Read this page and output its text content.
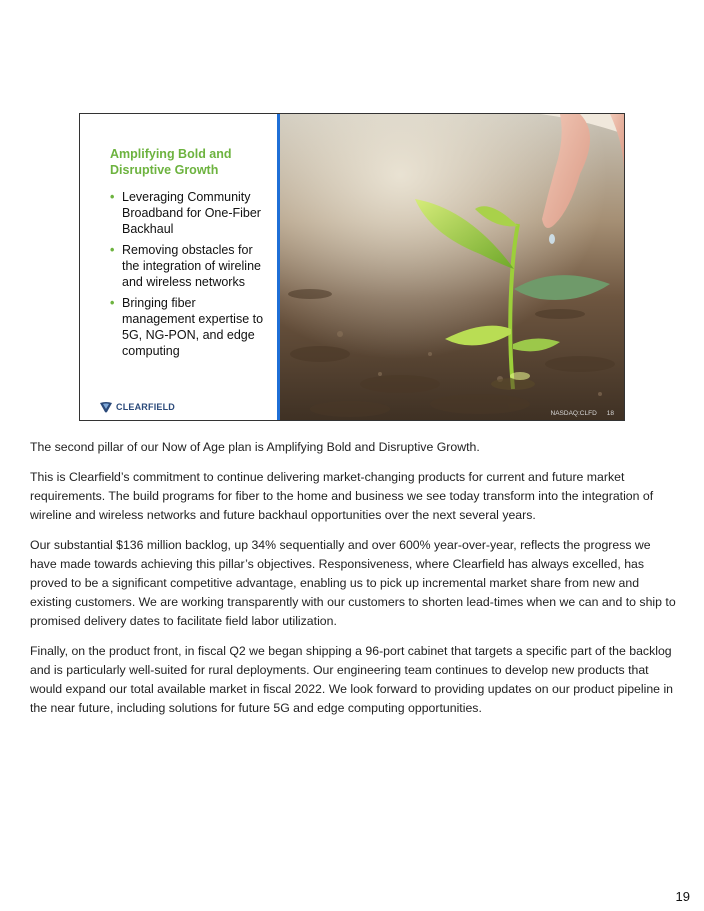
Amplifying Bold and Disruptive Growth
• Leveraging Community Broadband for One-Fiber Backhaul
• Removing obstacles for the integration of wireline and wireless networks
• Bringing fiber management expertise to 5G, NG-PON, and edge computing
CLEARFIELD
NASDAQ:CLFD 18

The second pillar of our Now of Age plan is Amplifying Bold and Disruptive Growth.

This is Clearfield’s commitment to continue delivering market-changing products for current and future market requirements. The build programs for fiber to the home and business we see today transform into the integration of wireline and wireless networks and future backhaul opportunities over the next several years.

Our substantial $136 million backlog, up 34% sequentially and over 600% year-over-year, reflects the progress we have made towards achieving this pillar’s objectives. Responsiveness, where Clearfield has always excelled, has proved to be a significant competitive advantage, enabling us to pick up incremental market share from new and existing customers. We are working transparently with our customers to shorten lead-times when we can and to ship to promised delivery dates to facilitate field labor utilization.

Finally, on the product front, in fiscal Q2 we began shipping a 96-port cabinet that targets a specific part of the backlog and is particularly well-suited for rural deployments. Our engineering team continues to develop new products that would expand our total available market in fiscal 2022. We look forward to providing updates on our product pipeline in the near future, including solutions for future 5G and edge computing opportunities.

19
